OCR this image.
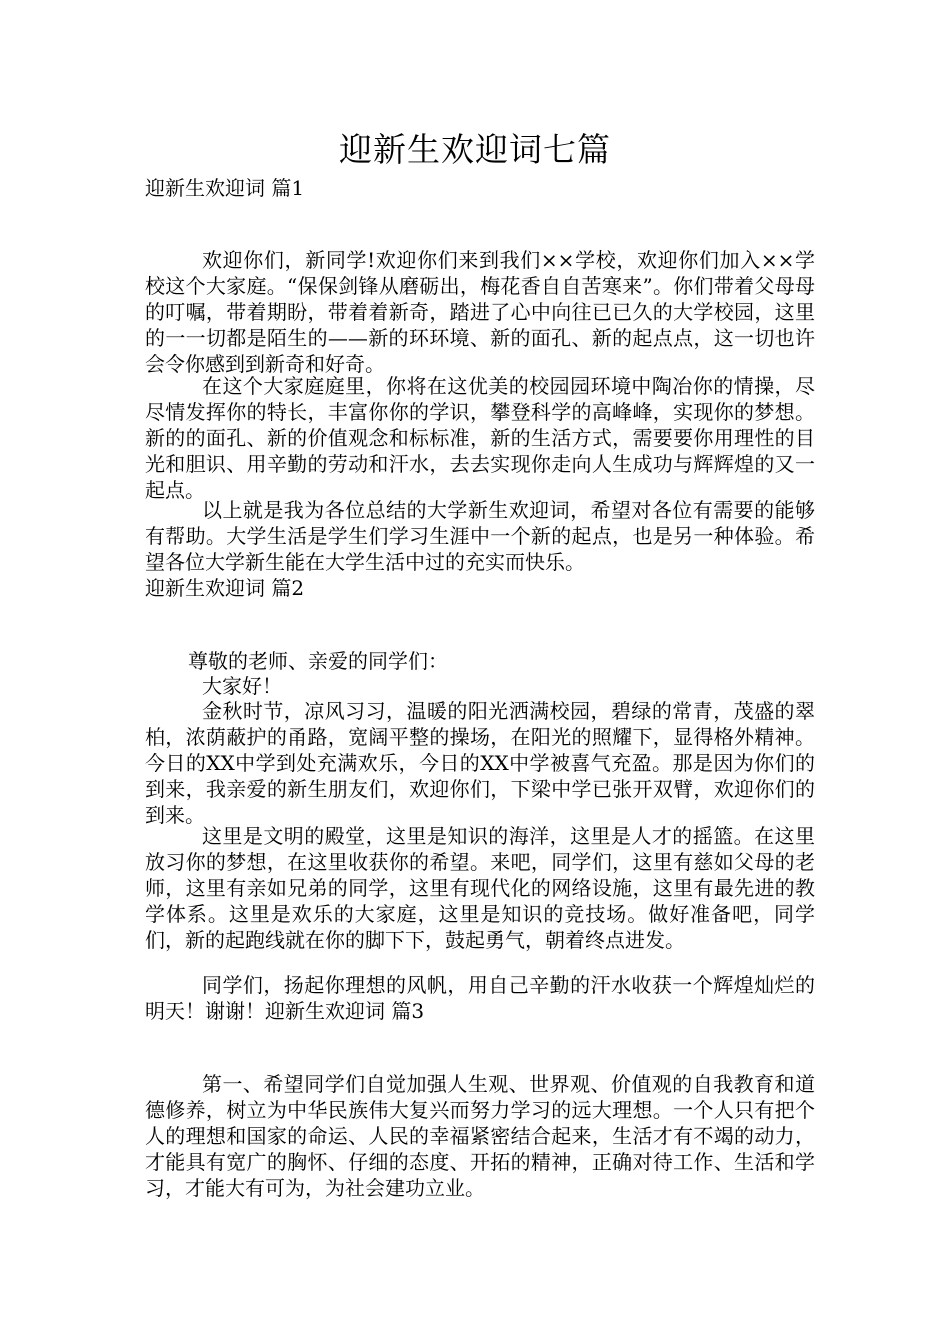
迎新生欢迎词七篇
迎新生欢迎词 篇1
欢迎你们，新同学!欢迎你们来到我们××学校，欢迎你们加入××学校这个大家庭。“保保剑锋从磨砺出，梅花香自自苦寒来”。你们带着父母母的叮嘱，带着期盼，带着着新奇，踏进了心中向往已已久的大学校园，这里的一一切都是陌生的——新的环环境、新的面孔、新的起点点，这一切也许会令你感到到新奇和好奇。
在这个大家庭庭里，你将在这优美的校园园环境中陶冶你的情操，尽尽情发挥你的特长，丰富你你的学识，攀登科学的高峰峰，实现你的梦想。新的的面孔、新的价值观念和标标准，新的生活方式，需要要你用理性的目光和胆识、用辛勤的劳动和汗水，去去实现你走向人生成功与辉辉煌的又一起点。
以上就是我为各位总结的大学新生欢迎词，希望对各位有需要的能够有帮助。大学生活是学生们学习生涯中一个新的起点，也是另一种体验。希望各位大学新生能在大学生活中过的充实而快乐。
迎新生欢迎词 篇2
尊敬的老师、亲爱的同学们：
大家好！
金秋时节，凉风习习，温暖的阳光洒满校园，碧绿的常青，茂盛的翠柏，浓荫蔽护的甬路，宽阔平整的操场，在阳光的照耀下，显得格外精神。今日的XX中学到处充满欢乐，今日的XX中学被喜气充盈。那是因为你们的到来，我亲爱的新生朋友们，欢迎你们，下梁中学已张开双臂，欢迎你们的到来。
这里是文明的殿堂，这里是知识的海洋，这里是人才的摇篮。在这里放习你的梦想，在这里收获你的希望。来吧，同学们，这里有慈如父母的老师，这里有亲如兄弟的同学，这里有现代化的网络设施，这里有最先进的教学体系。这里是欢乐的大家庭，这里是知识的竞技场。做好准备吧，同学们，新的起跑线就在你的脚下下，鼓起勇气，朝着终点进发。
同学们，扬起你理想的风帆，用自己辛勤的汗水收获一个辉煌灿烂的明天！谢谢！迎新生欢迎词 篇3
第一、希望同学们自觉加强人生观、世界观、价值观的自我教育和道德修养，树立为中华民族伟大复兴而努力学习的远大理想。一个人只有把个人的理想和国家的命运、人民的幸福紧密结合起来，生活才有不竭的动力，才能具有宽广的胸怀、仔细的态度、开拓的精神，正确对待工作、生活和学习，才能大有可为，为社会建功立业。
